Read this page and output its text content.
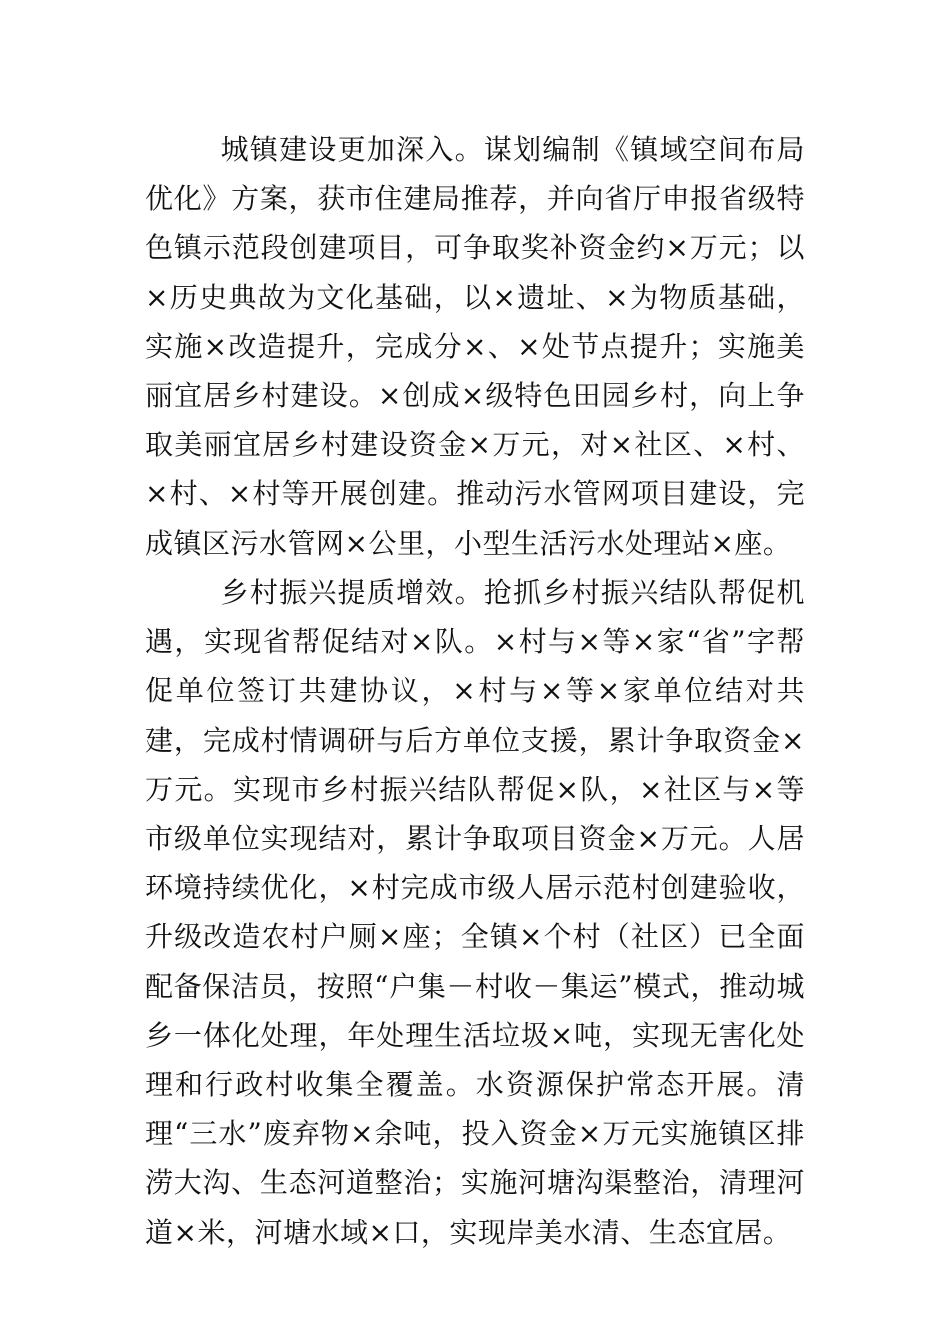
城镇建设更加深入。谋划编制《镇域空间布局优化》方案，获市住建局推荐，并向省厅申报省级特色镇示范段创建项目，可争取奖补资金约×万元；以×历史典故为文化基础，以×遗址、×为物质基础，实施×改造提升，完成分×、×处节点提升；实施美丽宜居乡村建设。×创成×级特色田园乡村，向上争取美丽宜居乡村建设资金×万元，对×社区、×村、×村、×村等开展创建。推动污水管网项目建设，完成镇区污水管网×公里，小型生活污水处理站×座。

乡村振兴提质增效。抢抓乡村振兴结队帮促机遇，实现省帮促结对×队。×村与×等×家“省”字帮促单位签订共建协议，×村与×等×家单位结对共建，完成村情调研与后方单位支援，累计争取资金×万元。实现市乡村振兴结队帮促×队，×社区与×等市级单位实现结对，累计争取项目资金×万元。人居环境持续优化，×村完成市级人居示范村创建验收，升级改造农村户厕×座；全镇×个村（社区）已全面配备保洁员，按照“户集－村收－集运”模式，推动城乡一体化处理，年处理生活垃圾×吨，实现无害化处理和行政村收集全覆盖。水资源保护常态开展。清理“三水”废弃物×余吨，投入资金×万元实施镇区排涝大沟、生态河道整治；实施河塘沟渠整治，清理河道×米，河塘水域×口，实现岸美水清、生态宜居。
